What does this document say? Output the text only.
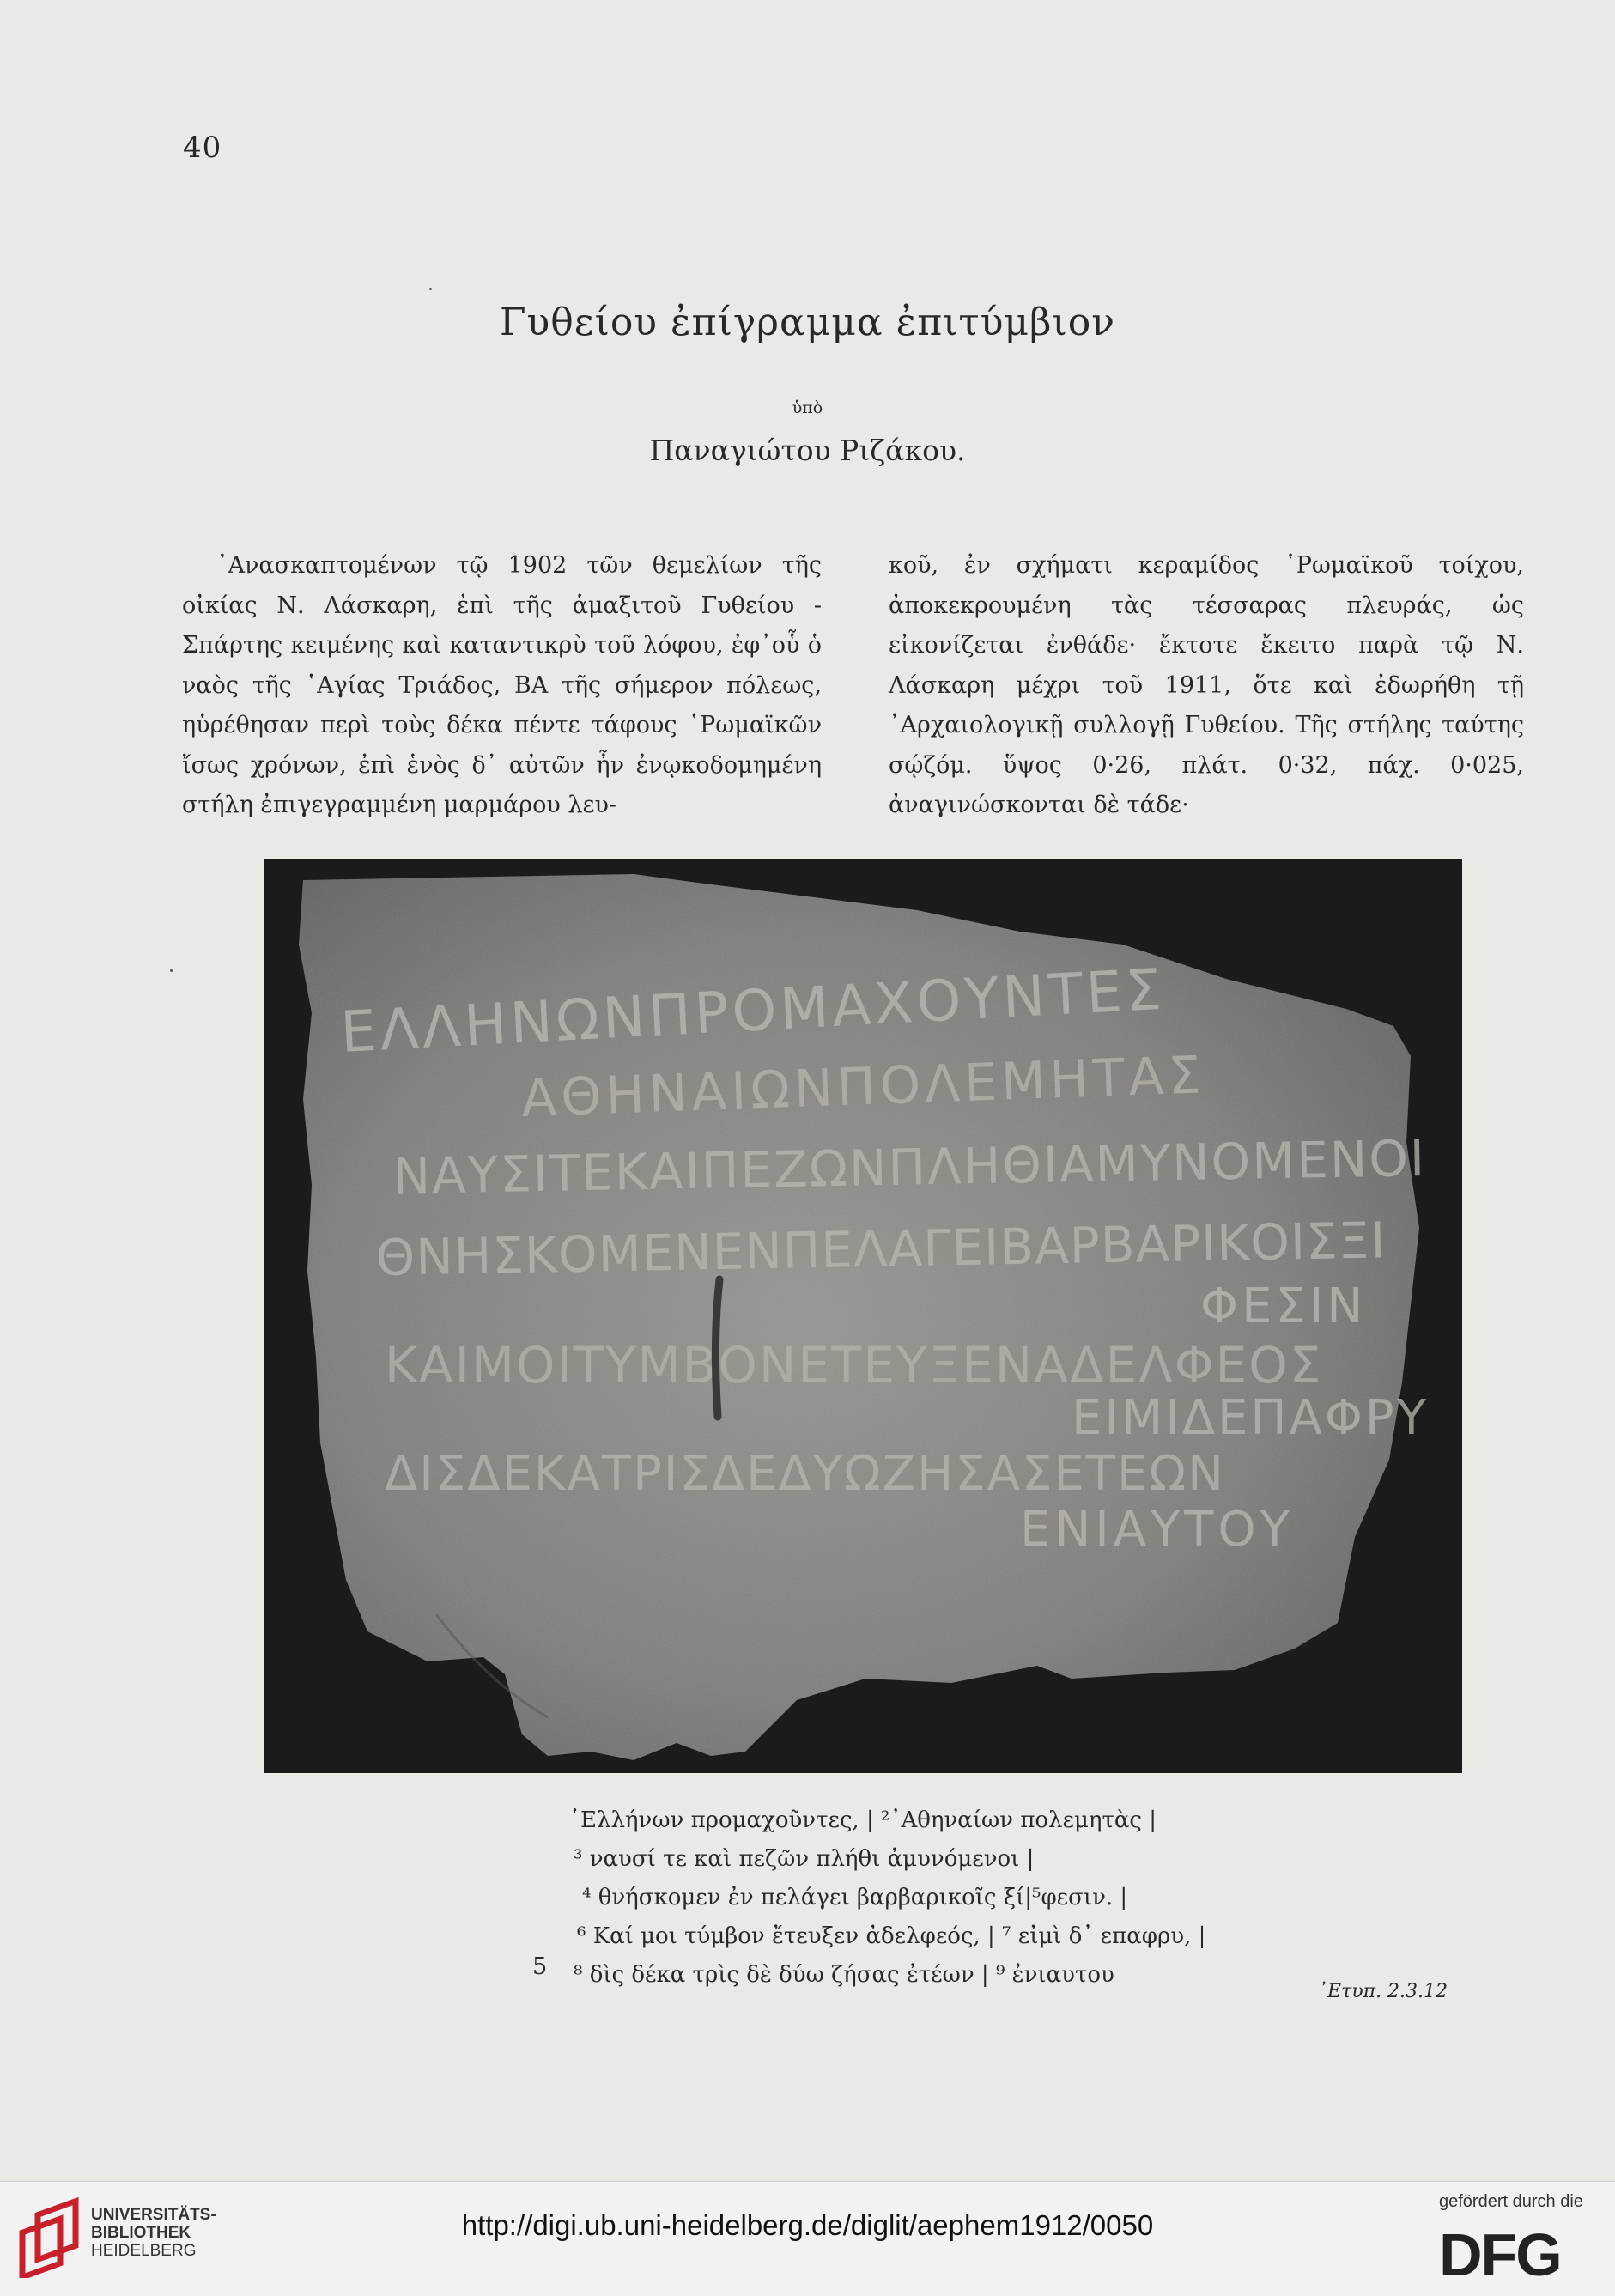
40
Γυθείου ἐπίγραμμα ἐπιτύμβιον
ὑπὸ
Παναγιώτου Ριζάκου.
᾿Ανασκαπτομένων τῷ 1902 τῶν θεμελίων τῆς οἰκίας Ν. Λάσκαρη, ἐπὶ τῆς ἁμαξιτοῦ Γυθείου - Σπάρτης κειμένης καὶ καταντικρὺ τοῦ λόφου, ἐφ᾿οὗ ὁ ναὸς τῆς ῾Αγίας Τριάδος, ΒΑ τῆς σήμερον πόλεως, ηὑρέθησαν περὶ τοὺς δέκα πέντε τάφους ῾Ρωμαϊκῶν ἴσως χρόνων, ἐπὶ ἑνὸς δ᾿ αὐτῶν ἦν ἐνῳκοδομημένη στήλη ἐπιγεγραμμένη μαρμάρου λευ-
κοῦ, ἐν σχήματι κεραμίδος ῾Ρωμαϊκοῦ τοίχου, ἀποκεκρουμένη τὰς τέσσαρας πλευράς, ὡς εἰκονίζεται ἐνθάδε· ἔκτοτε ἔκειτο παρὰ τῷ Ν. Λάσκαρη μέχρι τοῦ 1911, ὅτε καὶ ἐδωρήθη τῇ ᾿Αρχαιολογικῇ συλλογῇ Γυθείου. Τῆς στήλης ταύτης σῴζόμ. ὕψος 0·26, πλάτ. 0·32, πάχ. 0·025, ἀναγινώσκονται δὲ τάδε·
ΕΛΛΗΝΩΝΠΡΟΜΑΧΟΥΝΤΕΣ
ΑΘΗΝΑΙΩΝΠΟΛΕΜΗΤΑΣ
ΝΑΥΣΙΤΕΚΑΙΠΕΖΩΝΠΛΗΘΙΑΜΥΝΟΜΕΝΟΙ
ΘΝΗΣΚΟΜΕΝΕΝΠΕΛΑΓΕΙΒΑΡΒΑΡΙΚΟΙΣΞΙ
ΦΕΣΙΝ
ΚΑΙΜΟΙΤΥΜΒΟΝΕΤΕΥΞΕΝΑΔΕΛΦΕΟΣ
ΕΙΜΙΔΕΠΑΦΡΥ
ΔΙΣΔΕΚΑΤΡΙΣΔΕΔΥΩΖΗΣΑΣΕΤΕΩΝ
ΕΝΙΑΥΤΟΥ
῾Ελλήνων προμαχοῦντες, | ²᾿Αθηναίων πολεμητὰς |
³ ναυσί τε καὶ πεζῶν πλήθι ἀμυνόμενοι |
⁴ θνήσκομεν ἐν πελάγει βαρβαρικοῖς ξί|⁵φεσιν. |
⁶ Καί μοι τύμβον ἔτευξεν ἀδελφεός, | ⁷ εἰμὶ δ᾿ επαφρυ, |
⁸ δὶς δέκα τρὶς δὲ δύω ζήσας ἐτέων | ⁹ ἐνιαυτου
5
᾿Ετυπ. 2.3.12
UNIVERSITÄTS-
BIBLIOTHEK
HEIDELBERG
http://digi.ub.uni-heidelberg.de/diglit/aephem1912/0050
gefördert durch die
DFG
